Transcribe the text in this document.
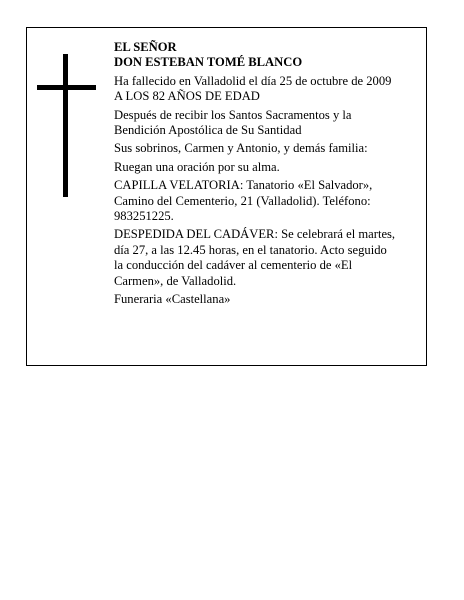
EL SEÑOR
DON ESTEBAN TOMÉ BLANCO
Ha fallecido en Valladolid el día 25 de octubre de 2009
A LOS 82 AÑOS DE EDAD
Después de recibir los Santos Sacramentos y la
Bendición Apostólica de Su Santidad
Sus sobrinos, Carmen y Antonio, y demás familia:
Ruegan una oración por su alma.
CAPILLA VELATORIA: Tanatorio «El Salvador»,
Camino del Cementerio, 21 (Valladolid). Teléfono:
983251225.
DESPEDIDA DEL CADÁVER: Se celebrará el martes,
día 27, a las 12.45 horas, en el tanatorio. Acto seguido
la conducción del cadáver al cementerio de «El
Carmen», de Valladolid.
Funeraria «Castellana»
